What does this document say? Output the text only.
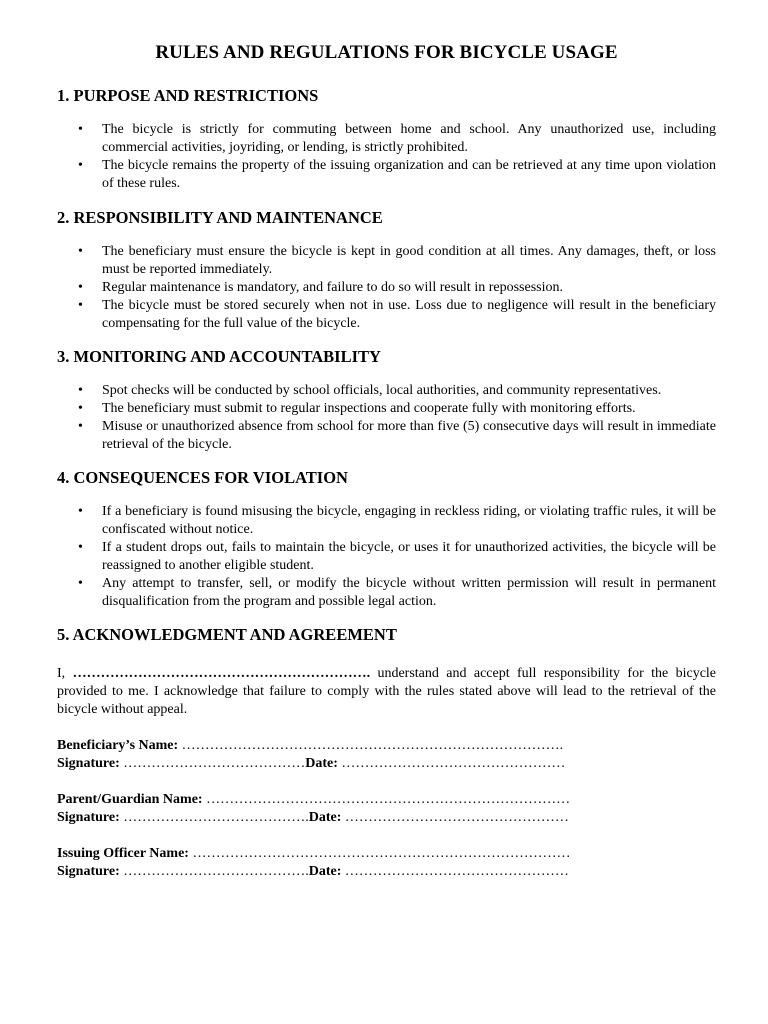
RULES AND REGULATIONS FOR BICYCLE USAGE
1. PURPOSE AND RESTRICTIONS
• The bicycle is strictly for commuting between home and school. Any unauthorized use, including commercial activities, joyriding, or lending, is strictly prohibited.
• The bicycle remains the property of the issuing organization and can be retrieved at any time upon violation of these rules.
2. RESPONSIBILITY AND MAINTENANCE
• The beneficiary must ensure the bicycle is kept in good condition at all times. Any damages, theft, or loss must be reported immediately.
• Regular maintenance is mandatory, and failure to do so will result in repossession.
• The bicycle must be stored securely when not in use. Loss due to negligence will result in the beneficiary compensating for the full value of the bicycle.
3. MONITORING AND ACCOUNTABILITY
• Spot checks will be conducted by school officials, local authorities, and community representatives.
• The beneficiary must submit to regular inspections and cooperate fully with monitoring efforts.
• Misuse or unauthorized absence from school for more than five (5) consecutive days will result in immediate retrieval of the bicycle.
4. CONSEQUENCES FOR VIOLATION
• If a beneficiary is found misusing the bicycle, engaging in reckless riding, or violating traffic rules, it will be confiscated without notice.
• If a student drops out, fails to maintain the bicycle, or uses it for unauthorized activities, the bicycle will be reassigned to another eligible student.
• Any attempt to transfer, sell, or modify the bicycle without written permission will result in permanent disqualification from the program and possible legal action.
5. ACKNOWLEDGMENT AND AGREEMENT

I, ………………………………………………………. understand and accept full responsibility for the bicycle provided to me. I acknowledge that failure to comply with the rules stated above will lead to the retrieval of the bicycle without appeal.

Beneficiary’s Name: ……………………………………………………………………….
Signature: …………………………………Date: …………………………………………
Parent/Guardian Name: ……………………………………………………………………
Signature: ………………………………….Date: …………………………………………
Issuing Officer Name: ………………………………………………………………………
Signature: ………………………………….Date: …………………………………………
